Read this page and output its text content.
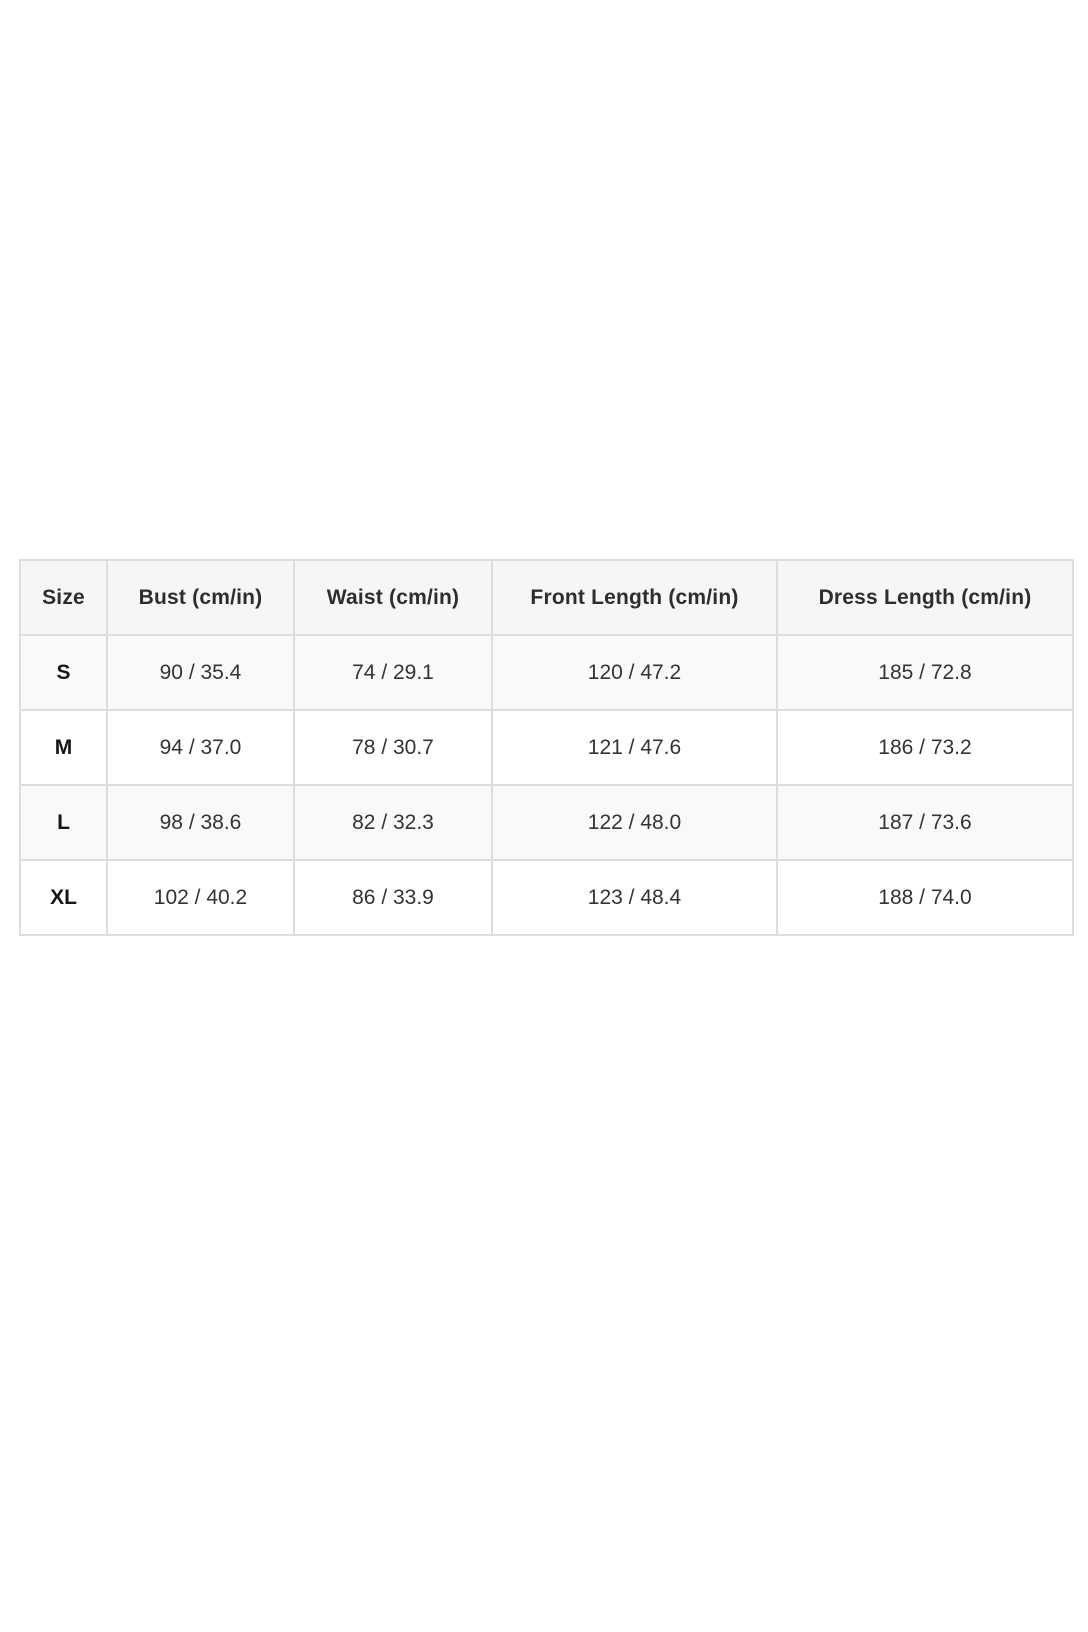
Size	Bust (cm/in)	Waist (cm/in)	Front Length (cm/in)	Dress Length (cm/in)
S	90 / 35.4	74 / 29.1	120 / 47.2	185 / 72.8
M	94 / 37.0	78 / 30.7	121 / 47.6	186 / 73.2
L	98 / 38.6	82 / 32.3	122 / 48.0	187 / 73.6
XL	102 / 40.2	86 / 33.9	123 / 48.4	188 / 74.0
